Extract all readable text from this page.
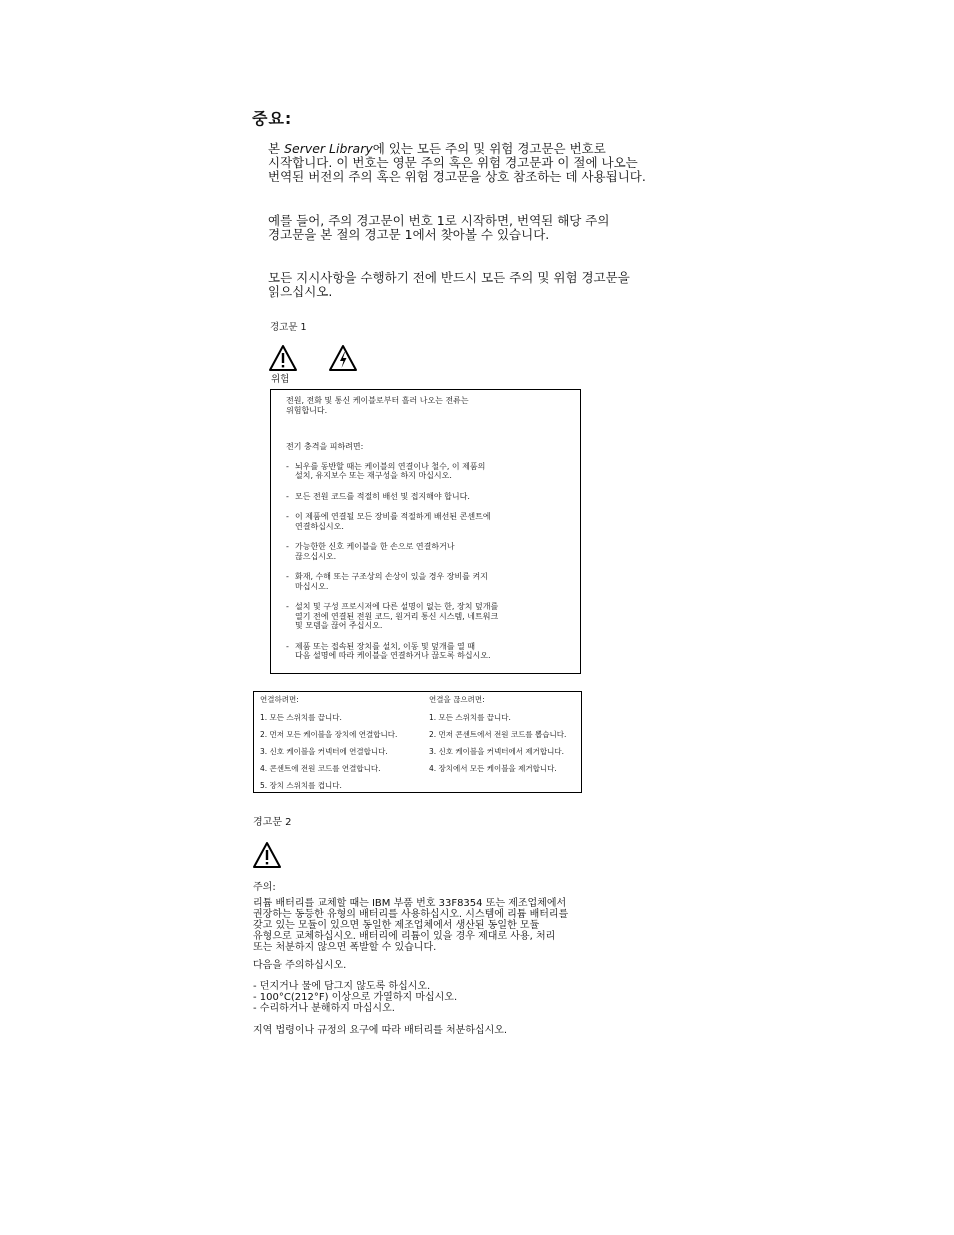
중요:

본 Server Library에 있는 모든 주의 및 위험 경고문은 번호로

시작합니다. 이 번호는 영문 주의 혹은 위험 경고문과 이 절에 나오는

번역된 버전의 주의 혹은 위험 경고문을 상호 참조하는 데 사용됩니다.

예를 들어, 주의 경고문이 번호 1로 시작하면, 번역된 해당 주의

경고문을 본 절의 경고문 1에서 찾아볼 수 있습니다.

모든 지시사항을 수행하기 전에 반드시 모든 주의 및 위험 경고문을

읽으십시오.

경고문 1
위험

전원, 전화 및 통신 케이블로부터 흘러 나오는 전류는

위험합니다.

전기 충격을 피하려면:

- 뇌우를 동반할 때는 케이블의 연결이나 철수, 이 제품의
설치, 유지보수 또는 재구성을 하지 마십시오.
- 모든 전원 코드를 적절히 배선 및 접지해야 합니다.
- 이 제품에 연결될 모든 장비를 적절하게 배선된 콘센트에
연결하십시오.
- 가능한한 신호 케이블을 한 손으로 연결하거나
끊으십시오.
- 화재, 수해 또는 구조상의 손상이 있을 경우 장비를 켜지
마십시오.
- 설치 및 구성 프로시저에 다른 설명이 없는 한, 장치 덮개를
열기 전에 연결된 전원 코드, 원거리 통신 시스템, 네트워크
및 모뎀을 끊어 주십시오.
- 제품 또는 접속된 장치를 설치, 이동 및 덮개를 열 때
다음 설명에 따라 케이블을 연결하거나 끊도록 하십시오.
연결하려면:
1. 모든 스위치를 끕니다.
2. 먼저 모든 케이블을 장치에 연결합니다.
3. 신호 케이블을 커넥터에 연결합니다.
4. 콘센트에 전원 코드를 연결합니다.
5. 장치 스위치를 켭니다.
연결을 끊으려면:
1. 모든 스위치를 끕니다.
2. 먼저 콘센트에서 전원 코드를 뽑습니다.
3. 신호 케이블을 커넥터에서 제거합니다.
4. 장치에서 모든 케이블을 제거합니다.
경고문 2
주의:

리튬 배터리를 교체할 때는 IBM 부품 번호 33F8354 또는 제조업체에서

권장하는 동등한 유형의 배터리를 사용하십시오. 시스템에 리튬 배터리를

갖고 있는 모듈이 있으면 동일한 제조업체에서 생산된 동일한 모듈

유형으로 교체하십시오. 배터리에 리튬이 있을 경우 제대로 사용, 처리

또는 처분하지 않으면 폭발할 수 있습니다.

다음을 주의하십시오.

- 던지거나 물에 담그지 않도록 하십시오.

- 100°C(212°F) 이상으로 가열하지 마십시오.

- 수리하거나 분해하지 마십시오.

지역 법령이나 규정의 요구에 따라 배터리를 처분하십시오.
